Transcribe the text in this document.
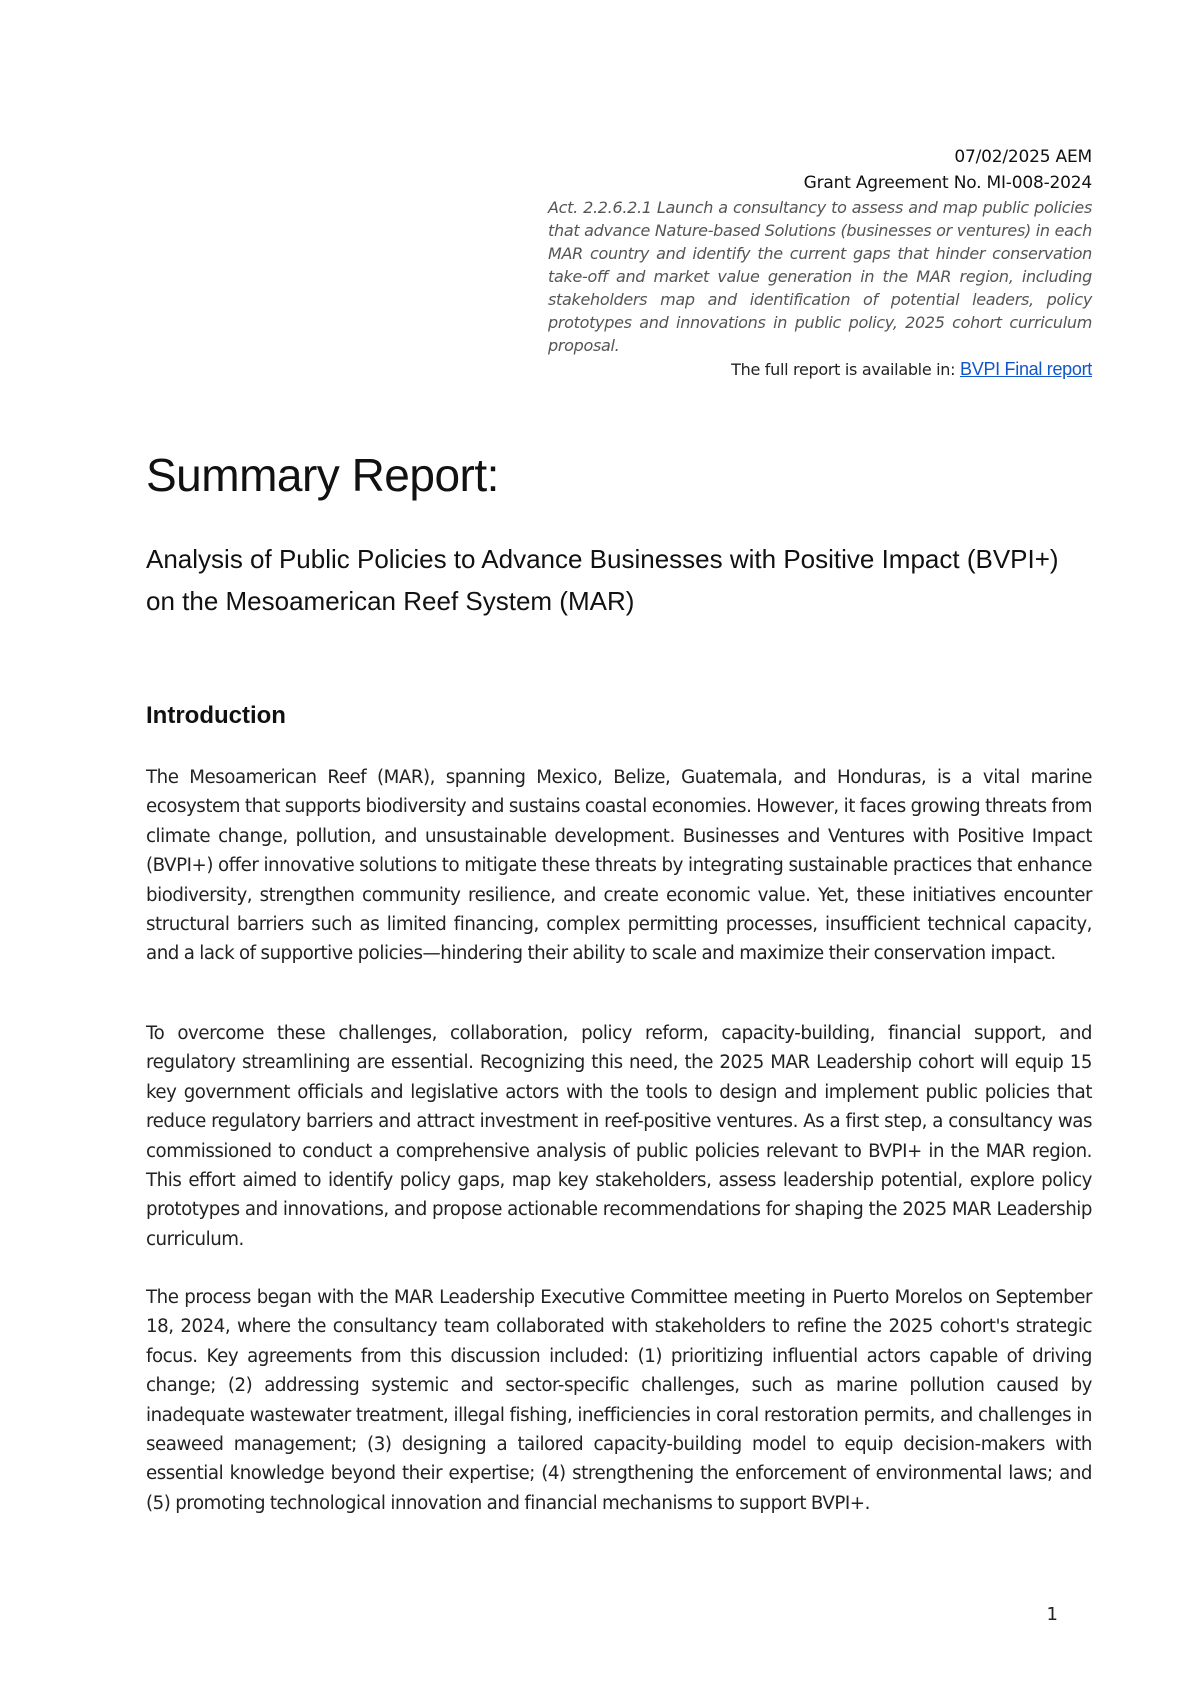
07/02/2025 AEM
Grant Agreement No. MI-008-2024
Act. 2.2.6.2.1 Launch a consultancy to assess and map public policies that advance Nature-based Solutions (businesses or ventures) in each MAR country and identify the current gaps that hinder conservation take-off and market value generation in the MAR region, including stakeholders map and identification of potential leaders, policy prototypes and innovations in public policy, 2025 cohort curriculum proposal.
The full report is available in: BVPI Final report
Summary Report:
Analysis of Public Policies to Advance Businesses with Positive Impact (BVPI+) on the Mesoamerican Reef System (MAR)
Introduction

The Mesoamerican Reef (MAR), spanning Mexico, Belize, Guatemala, and Honduras, is a vital marine ecosystem that supports biodiversity and sustains coastal economies. However, it faces growing threats from climate change, pollution, and unsustainable development. Businesses and Ventures with Positive Impact (BVPI+) offer innovative solutions to mitigate these threats by integrating sustainable practices that enhance biodiversity, strengthen community resilience, and create economic value. Yet, these initiatives encounter structural barriers such as limited financing, complex permitting processes, insufficient technical capacity, and a lack of supportive policies—hindering their ability to scale and maximize their conservation impact.

To overcome these challenges, collaboration, policy reform, capacity-building, financial support, and regulatory streamlining are essential. Recognizing this need, the 2025 MAR Leadership cohort will equip 15 key government officials and legislative actors with the tools to design and implement public policies that reduce regulatory barriers and attract investment in reef-positive ventures. As a first step, a consultancy was commissioned to conduct a comprehensive analysis of public policies relevant to BVPI+ in the MAR region. This effort aimed to identify policy gaps, map key stakeholders, assess leadership potential, explore policy prototypes and innovations, and propose actionable recommendations for shaping the 2025 MAR Leadership curriculum.

The process began with the MAR Leadership Executive Committee meeting in Puerto Morelos on September 18, 2024, where the consultancy team collaborated with stakeholders to refine the 2025 cohort's strategic focus. Key agreements from this discussion included: (1) prioritizing influential actors capable of driving change; (2) addressing systemic and sector-specific challenges, such as marine pollution caused by inadequate wastewater treatment, illegal fishing, inefficiencies in coral restoration permits, and challenges in seaweed management; (3) designing a tailored capacity-building model to equip decision-makers with essential knowledge beyond their expertise; (4) strengthening the enforcement of environmental laws; and (5) promoting technological innovation and financial mechanisms to support BVPI+.

1
